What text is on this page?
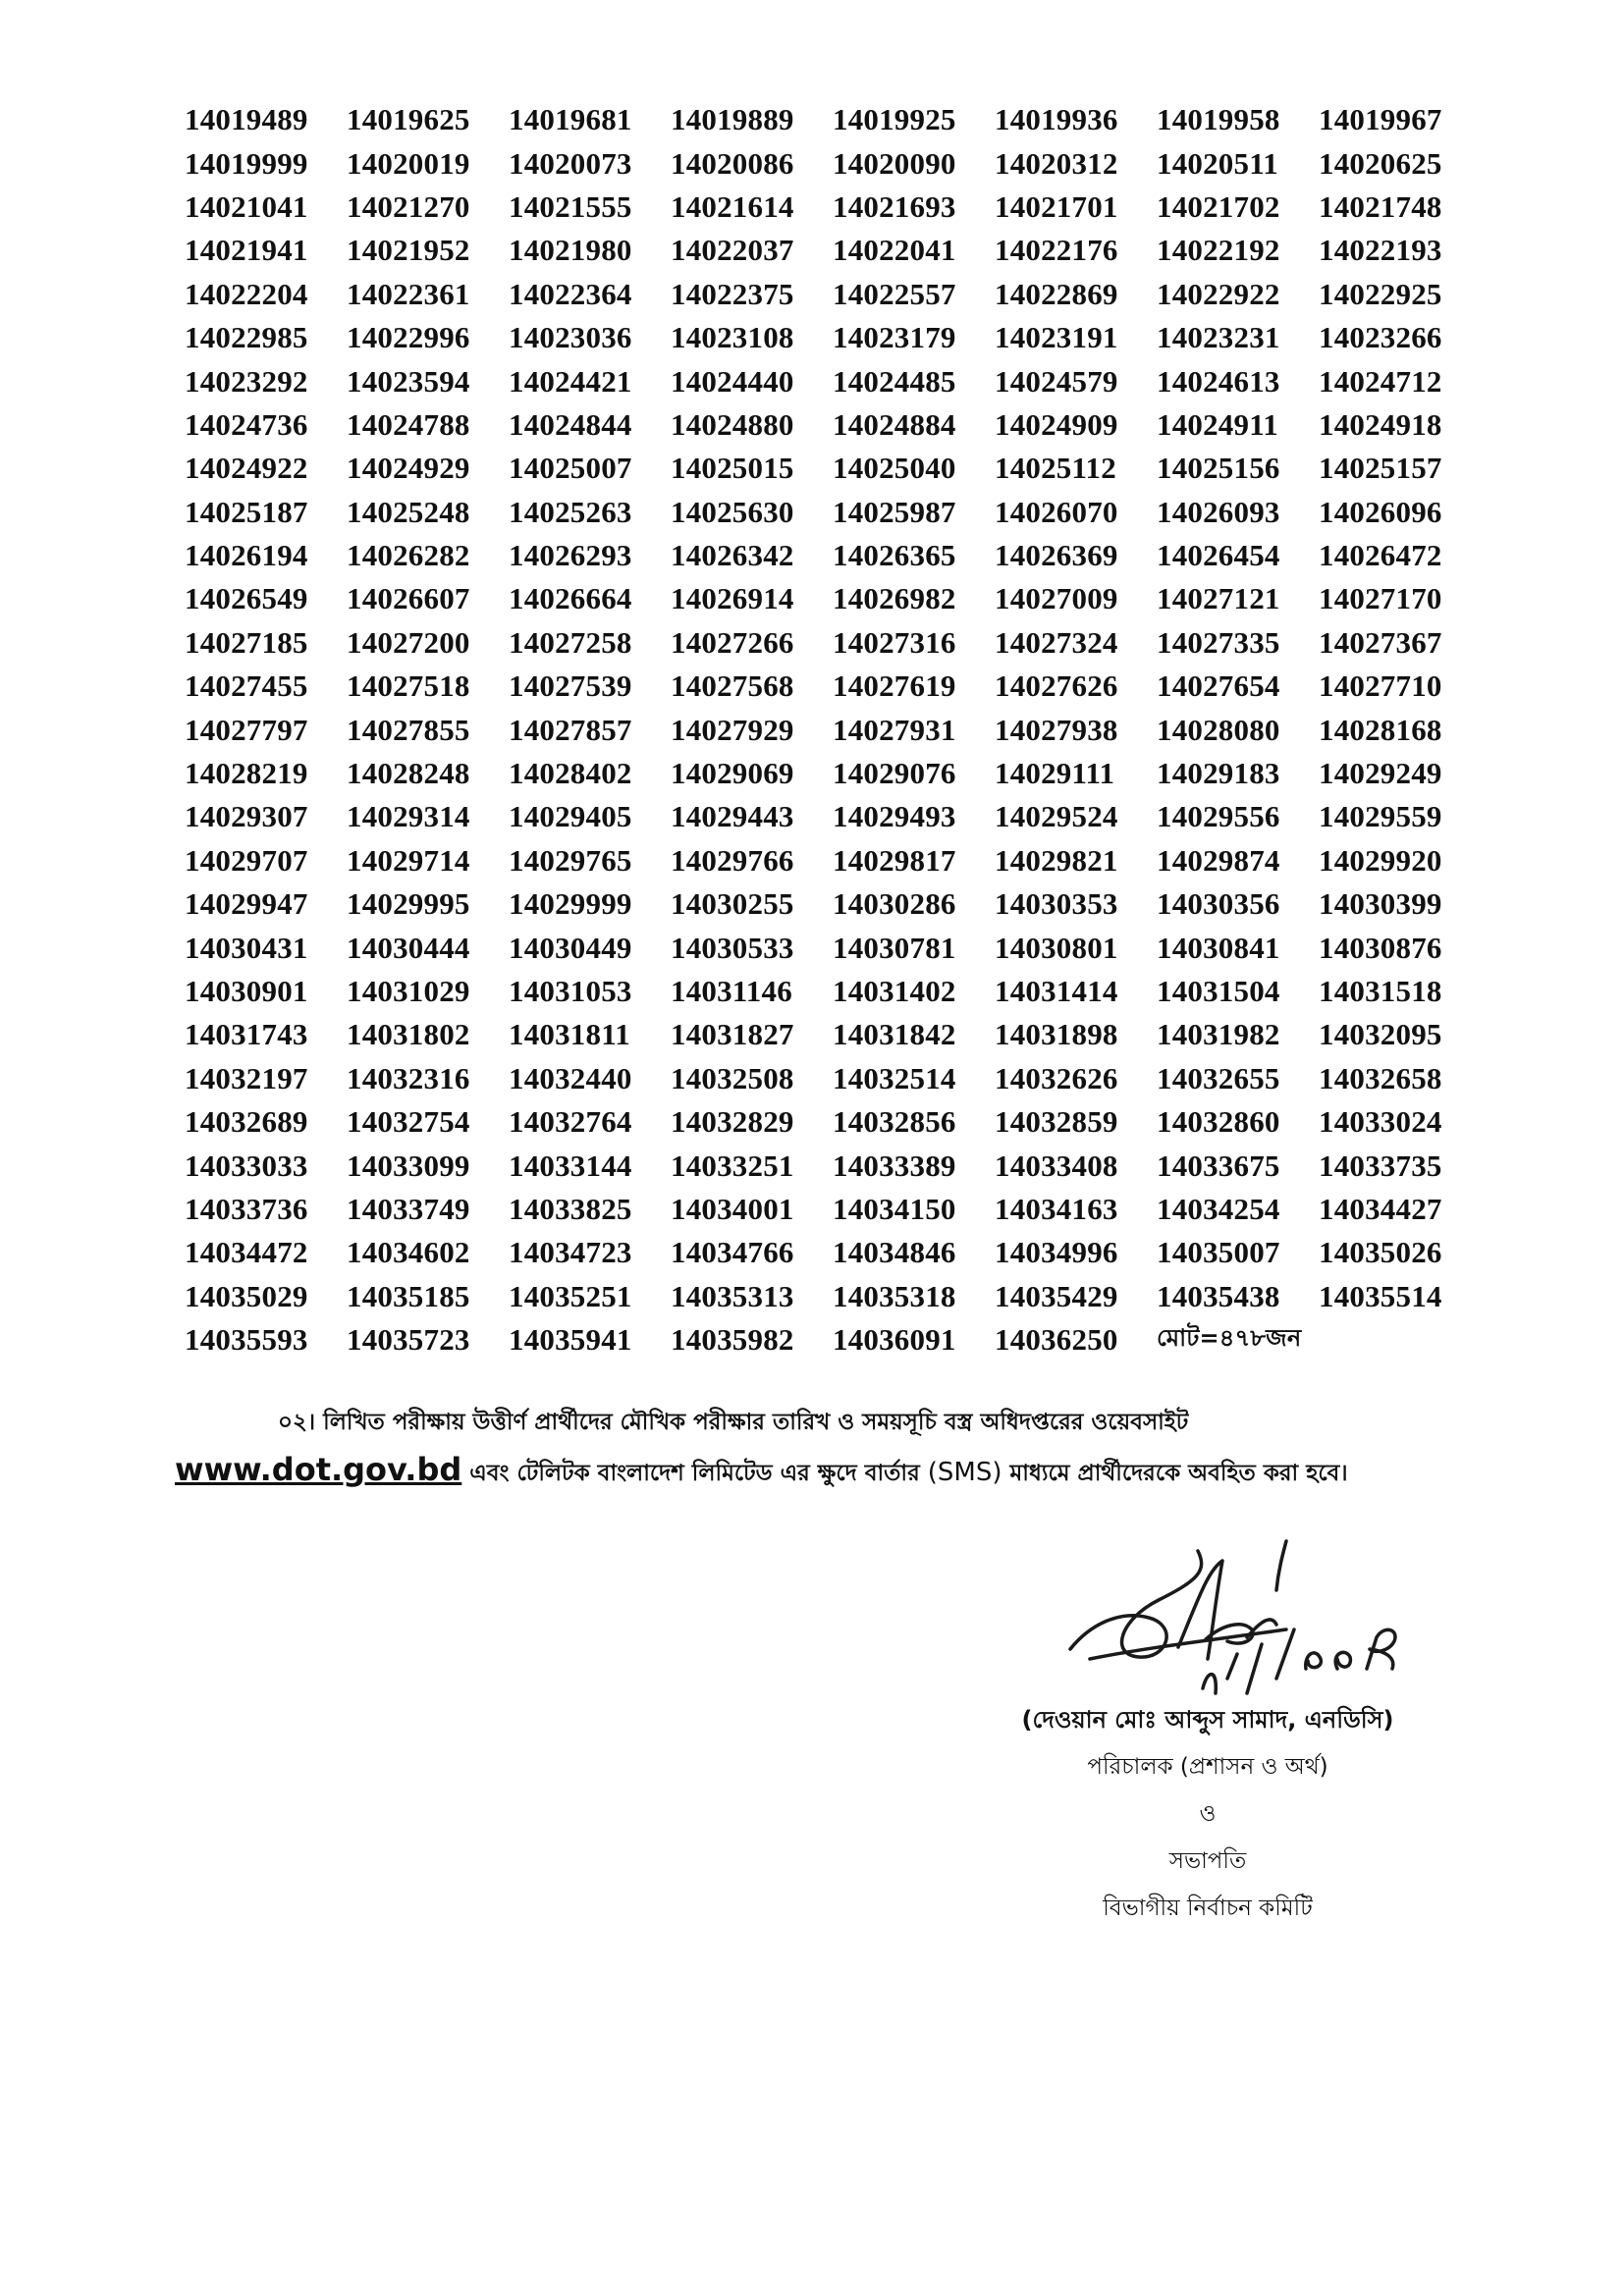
14019489	14019625	14019681	14019889	14019925	14019936	14019958	14019967
14019999	14020019	14020073	14020086	14020090	14020312	14020511	14020625
14021041	14021270	14021555	14021614	14021693	14021701	14021702	14021748
14021941	14021952	14021980	14022037	14022041	14022176	14022192	14022193
14022204	14022361	14022364	14022375	14022557	14022869	14022922	14022925
14022985	14022996	14023036	14023108	14023179	14023191	14023231	14023266
14023292	14023594	14024421	14024440	14024485	14024579	14024613	14024712
14024736	14024788	14024844	14024880	14024884	14024909	14024911	14024918
14024922	14024929	14025007	14025015	14025040	14025112	14025156	14025157
14025187	14025248	14025263	14025630	14025987	14026070	14026093	14026096
14026194	14026282	14026293	14026342	14026365	14026369	14026454	14026472
14026549	14026607	14026664	14026914	14026982	14027009	14027121	14027170
14027185	14027200	14027258	14027266	14027316	14027324	14027335	14027367
14027455	14027518	14027539	14027568	14027619	14027626	14027654	14027710
14027797	14027855	14027857	14027929	14027931	14027938	14028080	14028168
14028219	14028248	14028402	14029069	14029076	14029111	14029183	14029249
14029307	14029314	14029405	14029443	14029493	14029524	14029556	14029559
14029707	14029714	14029765	14029766	14029817	14029821	14029874	14029920
14029947	14029995	14029999	14030255	14030286	14030353	14030356	14030399
14030431	14030444	14030449	14030533	14030781	14030801	14030841	14030876
14030901	14031029	14031053	14031146	14031402	14031414	14031504	14031518
14031743	14031802	14031811	14031827	14031842	14031898	14031982	14032095
14032197	14032316	14032440	14032508	14032514	14032626	14032655	14032658
14032689	14032754	14032764	14032829	14032856	14032859	14032860	14033024
14033033	14033099	14033144	14033251	14033389	14033408	14033675	14033735
14033736	14033749	14033825	14034001	14034150	14034163	14034254	14034427
14034472	14034602	14034723	14034766	14034846	14034996	14035007	14035026
14035029	14035185	14035251	14035313	14035318	14035429	14035438	14035514
14035593	14035723	14035941	14035982	14036091	14036250	মোট=৪৭৮জন
০২। লিখিত পরীক্ষায় উত্তীর্ণ প্রার্থীদের মৌখিক পরীক্ষার তারিখ ও সময়সূচি বস্ত্র অধিদপ্তরের ওয়েবসাইট www.dot.gov.bd এবং টেলিটক বাংলাদেশ লিমিটেড এর ক্ষুদে বার্তার (SMS) মাধ্যমে প্রার্থীদেরকে অবহিত করা হবে।
(দেওয়ান মোঃ আব্দুস সামাদ, এনডিসি)
পরিচালক (প্রশাসন ও অর্থ)
ও
সভাপতি
বিভাগীয় নির্বাচন কমিটি
